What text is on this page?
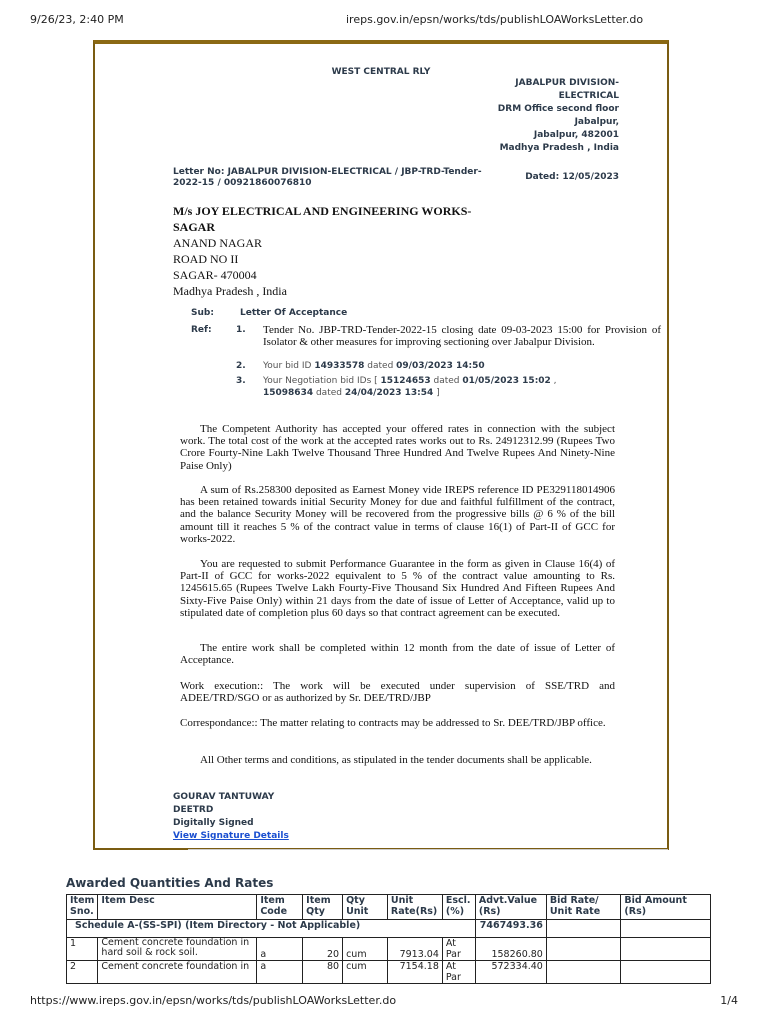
9/26/23, 2:40 PM	ireps.gov.in/epsn/works/tds/publishLOAWorksLetter.do
WEST CENTRAL RLY
JABALPUR DIVISION-
ELECTRICAL
DRM Office second floor
Jabalpur,
Jabalpur, 482001
Madhya Pradesh , India
Letter No: JABALPUR DIVISION-ELECTRICAL / JBP-TRD-Tender-2022-15 / 00921860076810
Dated: 12/05/2023
M/s JOY ELECTRICAL AND ENGINEERING WORKS-SAGAR
ANAND NAGAR
ROAD NO II
SAGAR- 470004
Madhya Pradesh , India
Sub:	Letter Of Acceptance
Ref:	1. Tender No. JBP-TRD-Tender-2022-15 closing date 09-03-2023 15:00 for Provision of Isolator & other measures for improving sectioning over Jabalpur Division.
2. Your bid ID 14933578 dated 09/03/2023 14:50
3. Your Negotiation bid IDs [ 15124653 dated 01/05/2023 15:02 ,
15098634 dated 24/04/2023 13:54 ]
The Competent Authority has accepted your offered rates in connection with the subject work. The total cost of the work at the accepted rates works out to Rs. 24912312.99 (Rupees Two Crore Fourty-Nine Lakh Twelve Thousand Three Hundred And Twelve Rupees And Ninety-Nine Paise Only)
A sum of Rs.258300 deposited as Earnest Money vide IREPS reference ID PE329118014906 has been retained towards initial Security Money for due and faithful fulfillment of the contract, and the balance Security Money will be recovered from the progressive bills @ 6 % of the bill amount till it reaches 5 % of the contract value in terms of clause 16(1) of Part-II of GCC for works-2022.
You are requested to submit Performance Guarantee in the form as given in Clause 16(4) of Part-II of GCC for works-2022 equivalent to 5 % of the contract value amounting to Rs. 1245615.65 (Rupees Twelve Lakh Fourty-Five Thousand Six Hundred And Fifteen Rupees And Sixty-Five Paise Only) within 21 days from the date of issue of Letter of Acceptance, valid up to stipulated date of completion plus 60 days so that contract agreement can be executed.
The entire work shall be completed within 12 month from the date of issue of Letter of Acceptance.
Work execution:: The work will be executed under supervision of SSE/TRD and ADEE/TRD/SGO or as authorized by Sr. DEE/TRD/JBP
Correspondance:: The matter relating to contracts may be addressed to Sr. DEE/TRD/JBP office.
All Other terms and conditions, as stipulated in the tender documents shall be applicable.
GOURAV TANTUWAY
DEETRD
Digitally Signed
View Signature Details
Awarded Quantities And Rates
Item Sno.	Item Desc	Item Code	Item Qty	Qty Unit	Unit Rate(Rs)	Escl. (%)	Advt.Value (Rs)	Bid Rate/ Unit Rate	Bid Amount (Rs)
Schedule A-(SS-SPI) (Item Directory - Not Applicable)							7467493.36		
1	Cement concrete foundation in hard soil & rock soil.	a	20	cum	7913.04	At Par	158260.80		
2	Cement concrete foundation in	a	80	cum	7154.18	At Par	572334.40		
https://www.ireps.gov.in/epsn/works/tds/publishLOAWorksLetter.do	1/4
